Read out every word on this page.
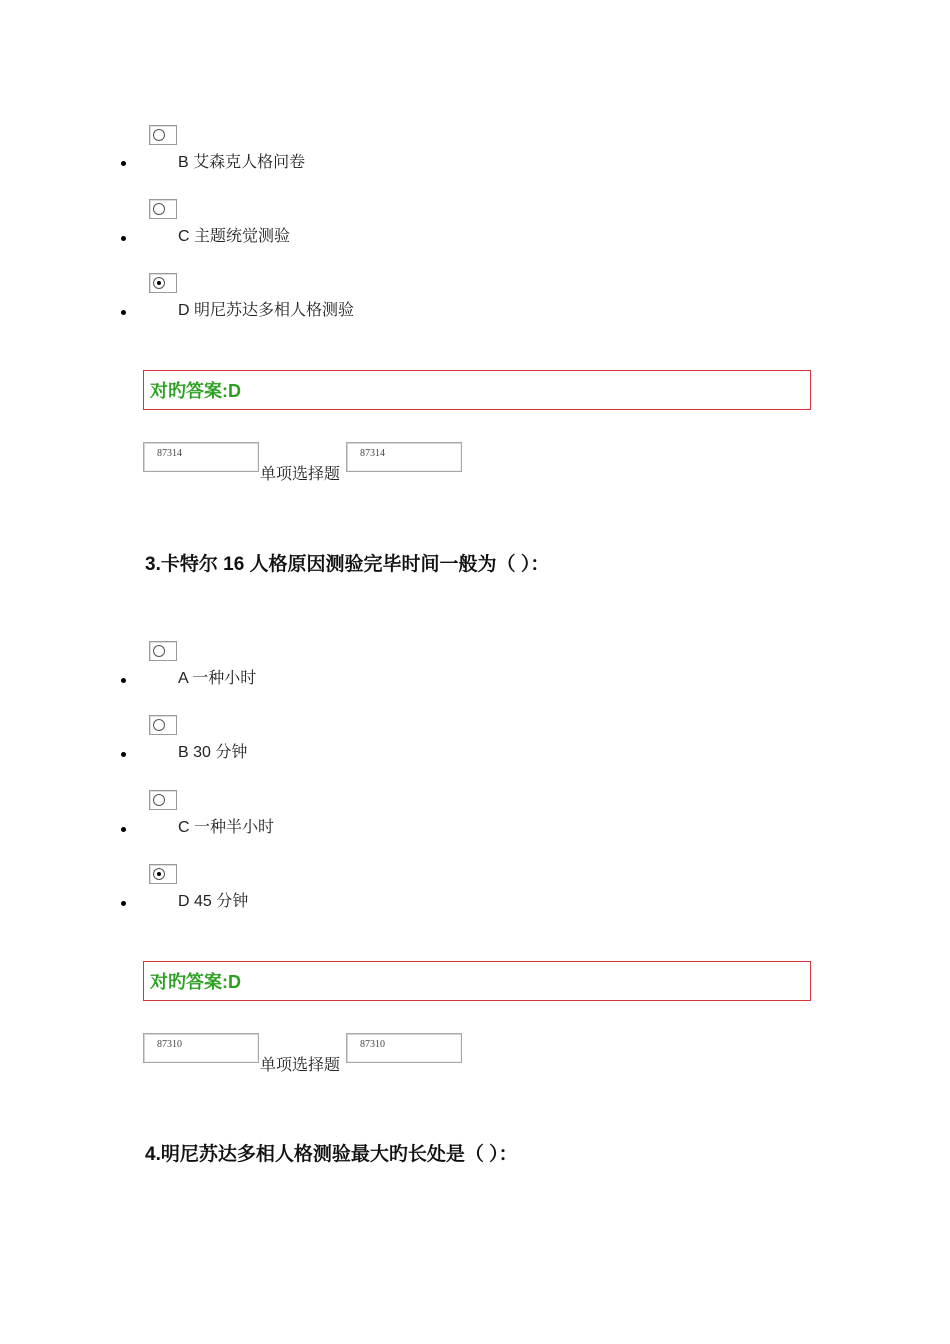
B 艾森克人格问卷
C 主题统觉测验
D 明尼苏达多相人格测验
对旳答案:D
87314
单项选择题
87314
3.卡特尔 16 人格原因测验完毕时间一般为（ ）：
A 一种小时
B 30 分钟
C 一种半小时
D 45 分钟
对旳答案:D
87310
单项选择题
87310
4.明尼苏达多相人格测验最大旳长处是（ ）：
